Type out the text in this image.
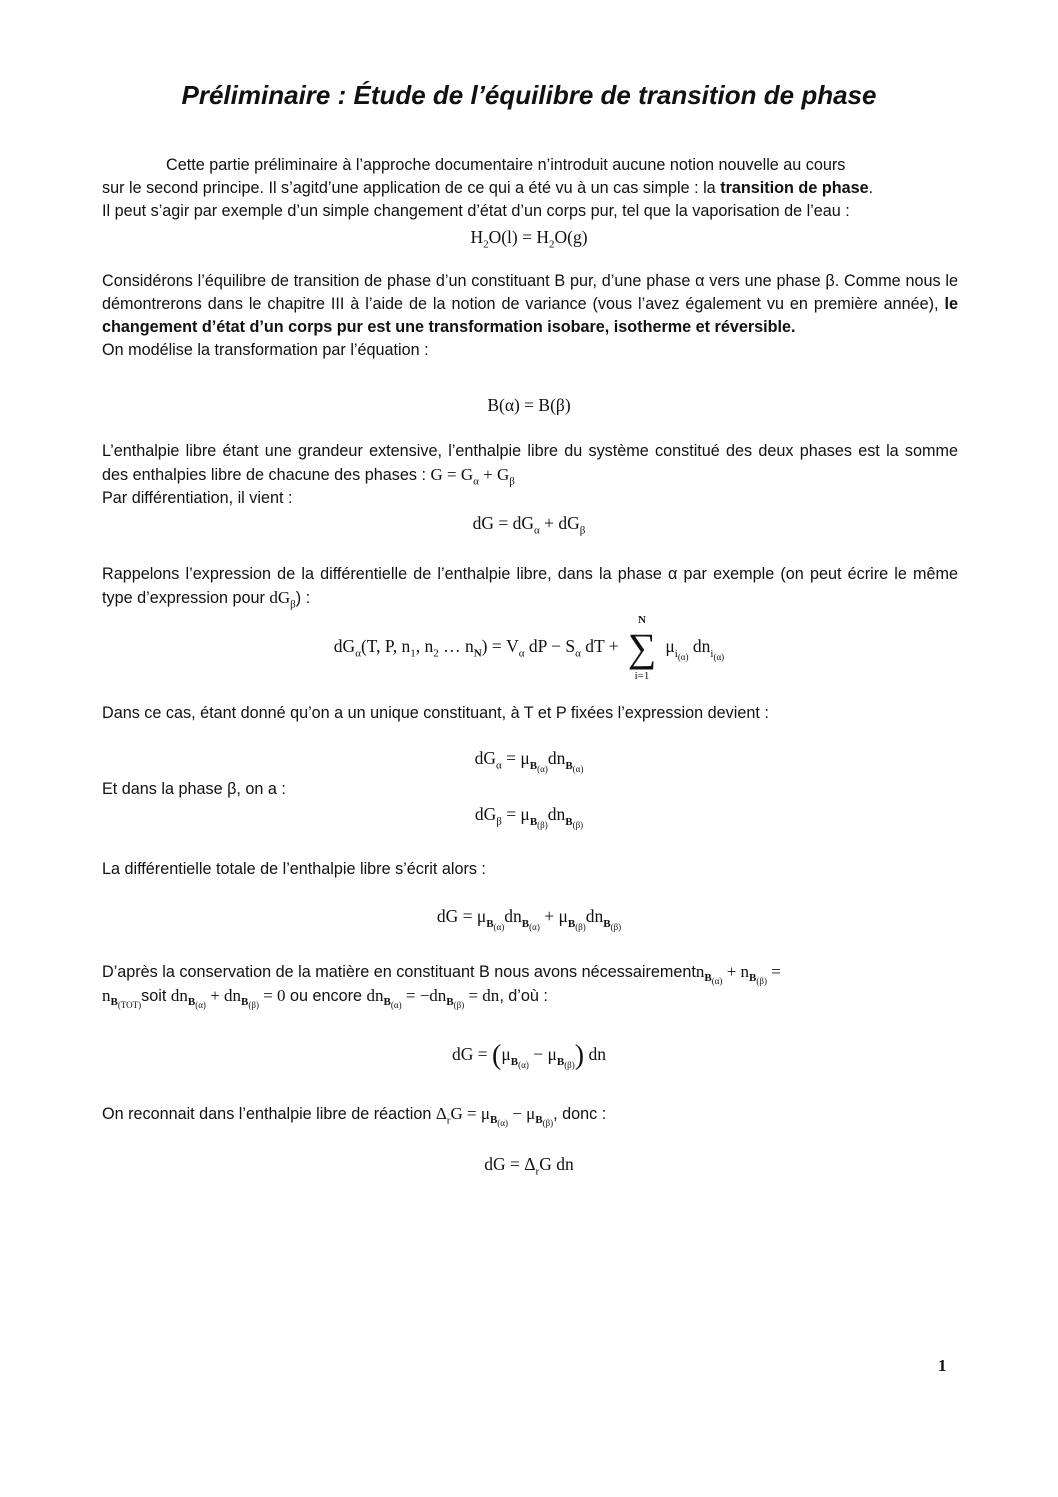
Préliminaire : Étude de l’équilibre de transition de phase

Cette partie préliminaire à l’approche documentaire n’introduit aucune notion nouvelle au cours
sur le second principe. Il s’agitd’une application de ce qui a été vu à un cas simple : la transition de phase.
Il peut s’agir par exemple d’un simple changement d’état d’un corps pur, tel que la vaporisation de l’eau :

$H_2O(l) = H_2O(g)$

Considérons l’équilibre de transition de phase d’un constituant B pur, d’une phase α vers une phase β. Comme nous le démontrerons dans le chapitre III à l’aide de la notion de variance (vous l’avez également vu en première année), le changement d’état d’un corps pur est une transformation isobare, isotherme et réversible.
On modélise la transformation par l’équation :

B(α) = B(β)

L’enthalpie libre étant une grandeur extensive, l’enthalpie libre du système constitué des deux phases est la somme des enthalpies libre de chacune des phases : $G = G_\alpha + G_\beta$
Par différentiation, il vient :

dG = $dG_\alpha + dG_\beta$

Rappelons l’expression de la différentielle de l’enthalpie libre, dans la phase α par exemple (on peut écrire le même type d’expression pour $dG_\beta$) :

$dG_\alpha(T$, P, $n_1$, $n_2$ … $n_N) = V_\alpha$ dP − $S_\alpha$ dT +
N
∑
i=1
$\mu_{i_{(\alpha)}}$ $dn_{i_{(\alpha)}}$

Dans ce cas, étant donné qu’on a un unique constituant, à T et P fixées l’expression devient :

$dG_\alpha = \mu_{B_{(\alpha)}}dn_{B_{(\alpha)}}$

Et dans la phase β, on a :

$dG_\beta = \mu_{B_{(\beta)}}dn_{B_{(\beta)}}$

La différentielle totale de l’enthalpie libre s’écrit alors :

dG = $\mu_{B_{(\alpha)}}dn_{B_{(\alpha)}} + \mu_{B_{(\beta)}}dn_{B_{(\beta)}}$

D’après la conservation de la matière en constituant B nous avons nécessairementn$_{B_{(\alpha)}}$ + $n_{B_{(\beta)}}$ =
$n_{B_{(TOT)}}soit$ $dn_{B_{(\alpha)}} + dn_{B_{(\beta)}} = 0$ ou encore $dn_{B_{(\alpha)}} = -dn_{B_{(\beta)}}$ = dn, d’où :

dG = $(\mu_{B_{(\alpha)}} - \mu_{B_{(\beta)}})$ dn

On reconnait dans l’enthalpie libre de réaction $\Delta_rG = \mu_{B_{(\alpha)}} - \mu_{B_{(\beta)}}$, donc :

dG = $\Delta_rG$ dn
1
